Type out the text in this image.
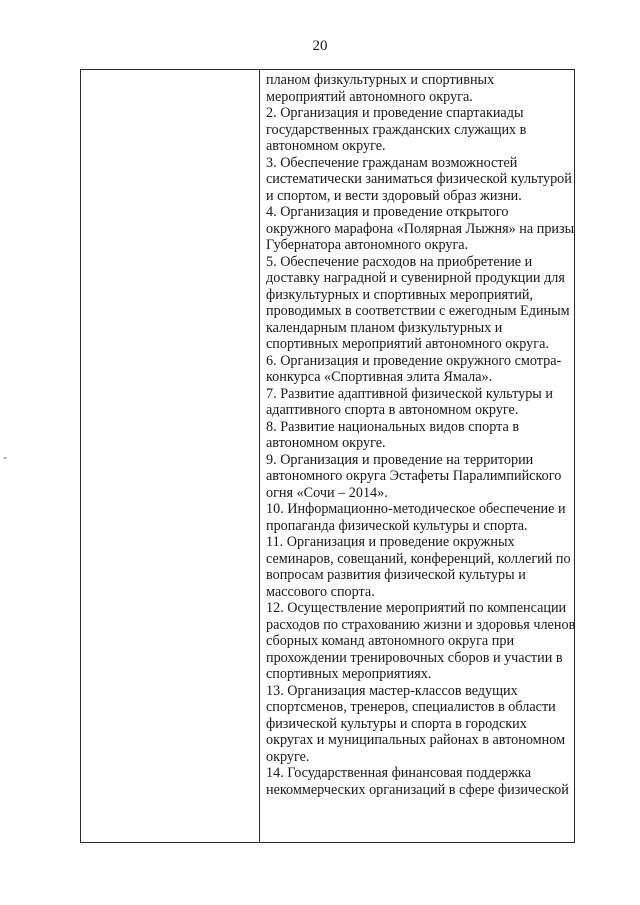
20
планом физкультурных и спортивных
мероприятий автономного округа.
2. Организация и проведение спартакиады
государственных гражданских служащих в
автономном округе.
3. Обеспечение гражданам возможностей
систематически заниматься физической культурой
и спортом, и вести здоровый образ жизни.
4. Организация и проведение открытого
окружного марафона «Полярная Лыжня» на призы
Губернатора автономного округа.
5. Обеспечение расходов на приобретение и
доставку наградной и сувенирной продукции для
физкультурных и спортивных мероприятий,
проводимых в соответствии с ежегодным Единым
календарным планом физкультурных и
спортивных мероприятий автономного округа.
6. Организация и проведение окружного смотра-
конкурса «Спортивная элита Ямала».
7. Развитие адаптивной физической культуры и
адаптивного спорта в автономном округе.
8. Развитие национальных видов спорта в
автономном округе.
9. Организация и проведение на территории
автономного округа Эстафеты Паралимпийского
огня «Сочи – 2014».
10. Информационно-методическое обеспечение и
пропаганда физической культуры и спорта.
11. Организация и проведение окружных
семинаров, совещаний, конференций, коллегий по
вопросам развития физической культуры и
массового спорта.
12. Осуществление мероприятий по компенсации
расходов по страхованию жизни и здоровья членов
сборных команд автономного округа при
прохождении тренировочных сборов и участии в
спортивных мероприятиях.
13. Организация мастер-классов ведущих
спортсменов, тренеров, специалистов в области
физической культуры и спорта в городских
округах и муниципальных районах в автономном
округе.
14. Государственная финансовая поддержка
некоммерческих организаций в сфере физической
